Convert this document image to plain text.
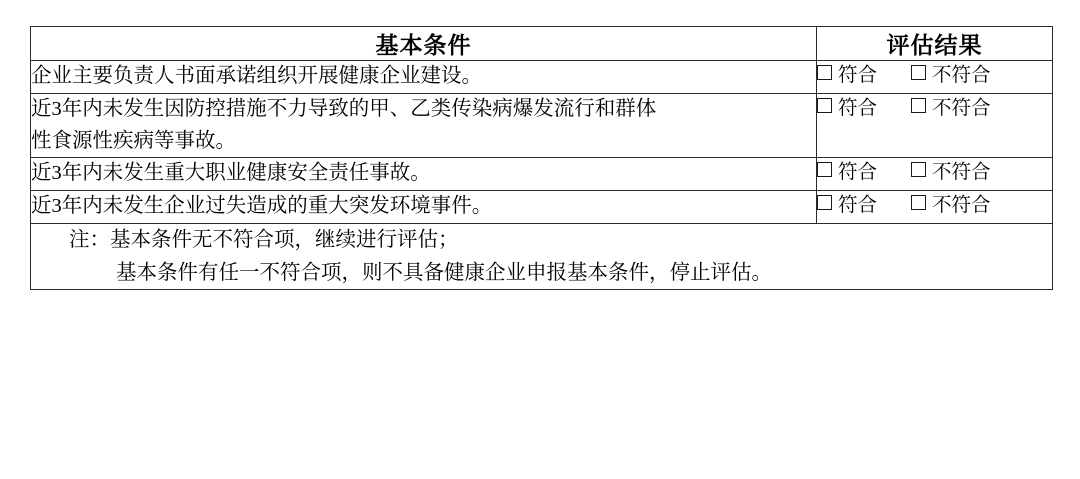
基本条件	评估结果

企业主要负责人书面承诺组织开展健康企业建设。	符合 不符合

近3年内未发生因防控措施不力导致的甲、乙类传染病爆发流行和群体
性食源性疾病等事故。	符合 不符合

近3年内未发生重大职业健康安全责任事故。	符合 不符合

近3年内未发生企业过失造成的重大突发环境事件。	符合 不符合

注：基本条件无不符合项，继续进行评估；
基本条件有任一不符合项，则不具备健康企业申报基本条件，停止评估。	
